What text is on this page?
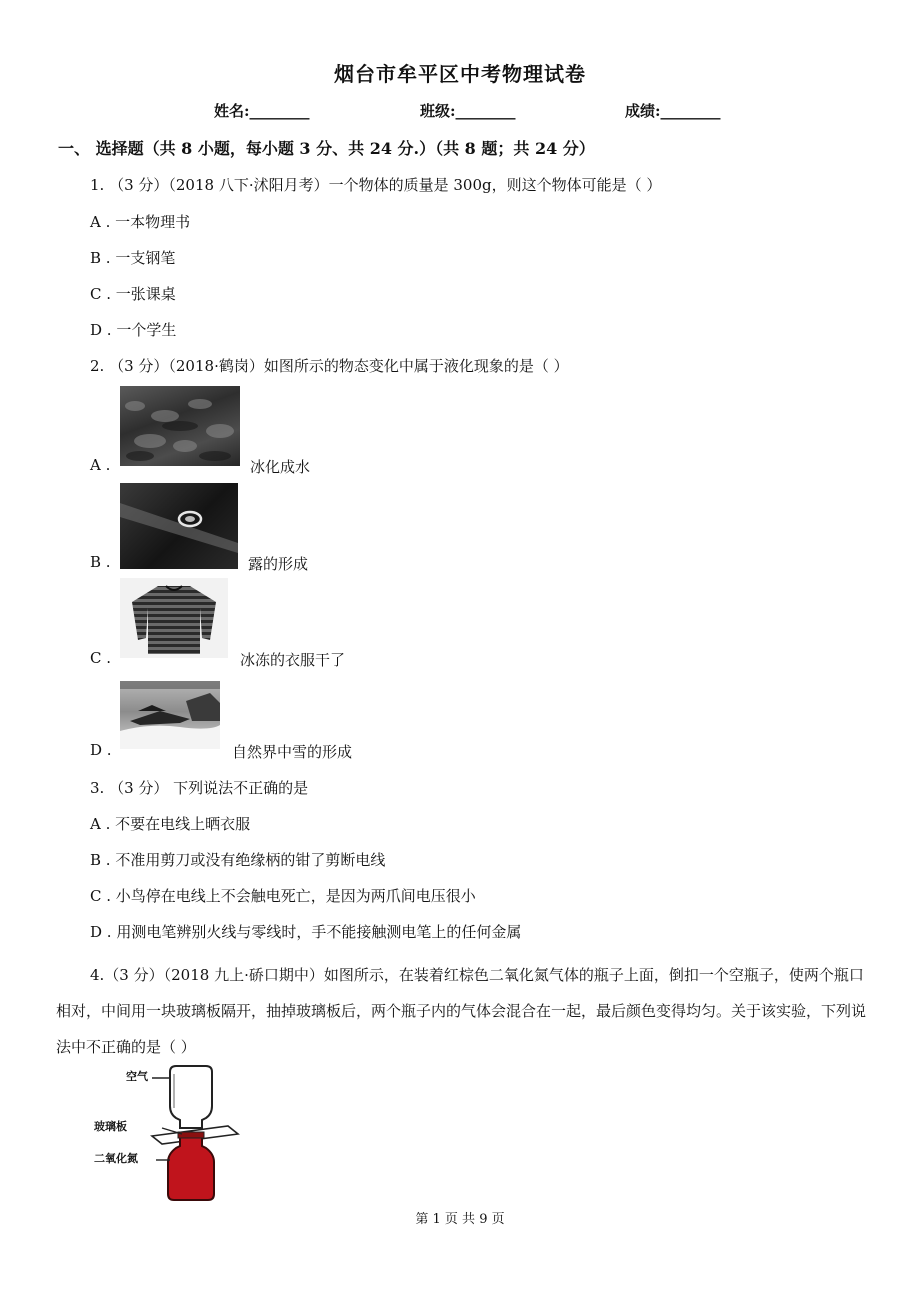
烟台市牟平区中考物理试卷
姓名:________	班级:________	成绩:________
一、 选择题（共 8 小题，每小题 3 分、共 24 分.）（共 8 题；共 24 分）
1. （3 分）（2018 八下·沭阳月考）一个物体的质量是 300g，则这个物体可能是（ ）
A . 一本物理书
B . 一支钢笔
C . 一张课桌
D . 一个学生
2. （3 分）（2018·鹤岗）如图所示的物态变化中属于液化现象的是（ ）
A .	冰化成水
B .	露的形成
C .	冰冻的衣服干了
D .	自然界中雪的形成
3. （3 分） 下列说法不正确的是
A . 不要在电线上晒衣服
B . 不准用剪刀或没有绝缘柄的钳了剪断电线
C . 小鸟停在电线上不会触电死亡，是因为两爪间电压很小
D . 用测电笔辨别火线与零线时，手不能接触测电笔上的任何金属
4.（3 分）（2018 九上·硚口期中）如图所示，在装着红棕色二氧化氮气体的瓶子上面，倒扣一个空瓶子，使两个瓶口相对，中间用一块玻璃板隔开，抽掉玻璃板后，两个瓶子内的气体会混合在一起，最后颜色变得均匀。关于该实验，下列说法中不正确的是（ ）
空气
玻璃板
二氧化氮
第 1 页 共 9 页
